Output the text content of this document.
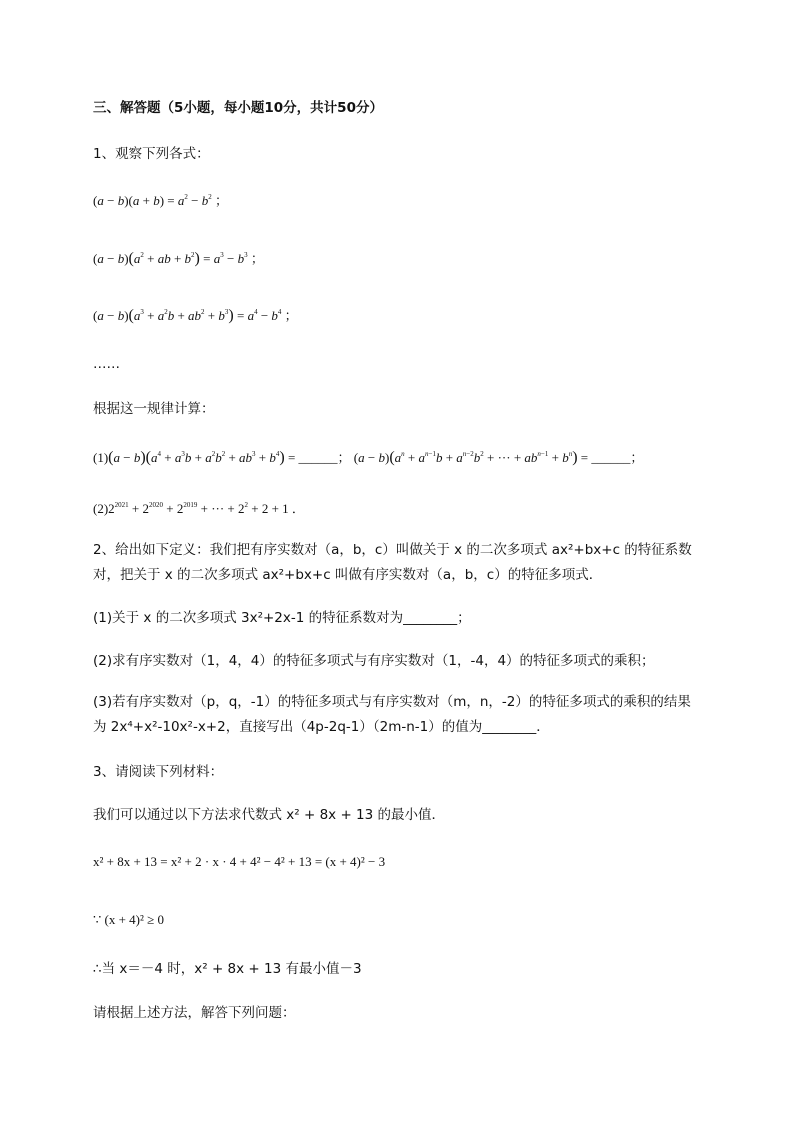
三、解答题（5小题，每小题10分，共计50分）
1、观察下列各式：
$(a - b)(a + b) = a^2 - b^2$ ；
$(a - b)(a^2$ + ab + $b^2) = a^3 - b^3$ ；
$(a - b)(a^3 + a^2b + ab^2 + b^3) = a^4 - b^4$ ；
……
根据这一规律计算：
$(1)(a - b)(a^4 + a^3b + a^2b^2 + ab^3 + b^4)$ = ______； $(a - b)(a^n + a^{n-1}b + a^{n-2}b^2$ + ··· + $ab^{n-1} + b^n$) = ______；
$(2)2^{2021} + 2^{2020} + 2^{2019}$ + ··· + $2^2 + 2 + 1$ ．
2、给出如下定义：我们把有序实数对（a，b，c）叫做关于 x 的二次多项式 ax²+bx+c 的特征系数
对，把关于 x 的二次多项式 ax²+bx+c 叫做有序实数对（a，b，c）的特征多项式．
(1)关于 x 的二次多项式 3x²+2x-1 的特征系数对为________；
(2)求有序实数对（1，4，4）的特征多项式与有序实数对（1，-4，4）的特征多项式的乘积；
(3)若有序实数对（p，q，-1）的特征多项式与有序实数对（m，n，-2）的特征多项式的乘积的结果
为 2x⁴+x²-10x²-x+2，直接写出（4p-2q-1）（2m-n-1）的值为________．
3、请阅读下列材料：
我们可以通过以下方法求代数式 x² + 8x + 13 的最小值．
x² + 8x + 13 = x² + 2 · x · 4 + 4² − 4² + 13 = (x + 4)² − 3
∵ (x + 4)² ≥ 0
∴当 x＝－4 时，x² + 8x + 13 有最小值－3
请根据上述方法，解答下列问题：
